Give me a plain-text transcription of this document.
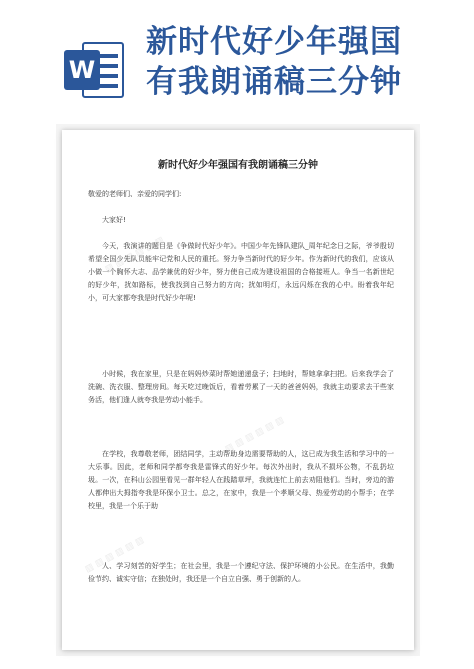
W
新时代好少年强国
有我朗诵稿三分钟
▨ ▨ ▨ ▨ ▨ ▨
▨ ▨ ▨ ▨ ▨ ▨
▨ ▨ ▨ ▨ ▨ ▨
新时代好少年强国有我朗诵稿三分钟

敬爱的老师们、亲爱的同学们:

大家好!

今天，我演讲的题目是《争做时代好少年》。中国少年先锋队建队_周年纪念日之际，爷爷殷切希望全国少先队员能牢记党和人民的重托。努力争当新时代的好少年。作为新时代的我们，应该从小做一个胸怀大志、品学兼优的好少年，努力使自己成为建设祖国的合格接班人。争当一名新世纪的好少年，扰如路标，使我找到自己努力的方向；扰如明灯，永远闪烁在我的心中。盼着我年纪小，可大家都夸我是时代好少年呢!

小时候，我在家里，只是在妈妈炒菜时帮她递递盘子；扫地时，帮她拿拿扫把。后来我学会了洗碗、洗衣服、整理房间。每天吃过晚饭后，看着劳累了一天的爸爸妈妈，我就主动要求去干些家务活，他们逢人就夸我是劳动小能手。

在学校，我尊敬老师，团结同学，主动帮助身边需要帮助的人，这已成为我生活和学习中的一大乐事。因此，老师和同学都夸我是雷锋式的好少年。每次外出时，我从不损坏公物，不乱扔垃圾。一次，在科山公园里看见一群年轻人在践踏草坪，我就连忙上前去劝阻他们。当时，旁边的游人都伸出大拇指夸我是环保小卫士。总之，在家中，我是一个孝顺父母、热爱劳动的小帮手；在学校里，我是一个乐于助

人、学习刻苦的好学生；在社会里，我是一个遵纪守法、保护环境的小公民。在生活中，我勤俭节约、诚实守信；在独处时，我还是一个自立自强、勇于创新的人。
